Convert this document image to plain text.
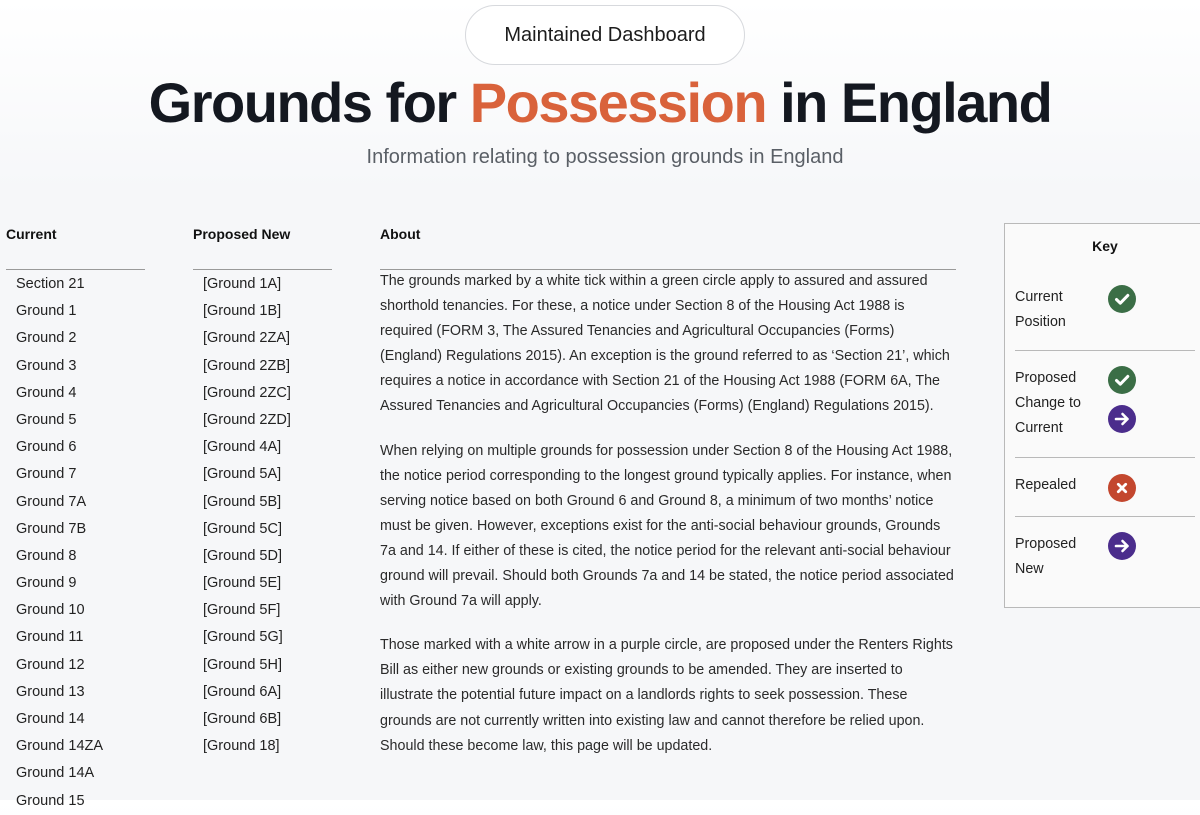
Maintained Dashboard
Grounds for Possession in England
Information relating to possession grounds in England
Current
Section 21
Ground 1
Ground 2
Ground 3
Ground 4
Ground 5
Ground 6
Ground 7
Ground 7A
Ground 7B
Ground 8
Ground 9
Ground 10
Ground 11
Ground 12
Ground 13
Ground 14
Ground 14ZA
Ground 14A
Ground 15
Proposed New
[Ground 1A]
[Ground 1B]
[Ground 2ZA]
[Ground 2ZB]
[Ground 2ZC]
[Ground 2ZD]
[Ground 4A]
[Ground 5A]
[Ground 5B]
[Ground 5C]
[Ground 5D]
[Ground 5E]
[Ground 5F]
[Ground 5G]
[Ground 5H]
[Ground 6A]
[Ground 6B]
[Ground 18]
About

The grounds marked by a white tick within a green circle apply to assured and assured shorthold tenancies. For these, a notice under Section 8 of the Housing Act 1988 is required (FORM 3, The Assured Tenancies and Agricultural Occupancies (Forms) (England) Regulations 2015). An exception is the ground referred to as ‘Section 21’, which requires a notice in accordance with Section 21 of the Housing Act 1988 (FORM 6A, The Assured Tenancies and Agricultural Occupancies (Forms) (England) Regulations 2015).

When relying on multiple grounds for possession under Section 8 of the Housing Act 1988, the notice period corresponding to the longest ground typically applies. For instance, when serving notice based on both Ground 6 and Ground 8, a minimum of two months’ notice must be given. However, exceptions exist for the anti-social behaviour grounds, Grounds 7a and 14. If either of these is cited, the notice period for the relevant anti-social behaviour ground will prevail. Should both Grounds 7a and 14 be stated, the notice period associated with Ground 7a will apply.

Those marked with a white arrow in a purple circle, are proposed under the Renters Rights Bill as either new grounds or existing grounds to be amended. They are inserted to illustrate the potential future impact on a landlords rights to seek possession. These grounds are not currently written into existing law and cannot therefore be relied upon. Should these become law, this page will be updated.

Key
Current Position
Proposed Change to Current
Repealed
Proposed New
